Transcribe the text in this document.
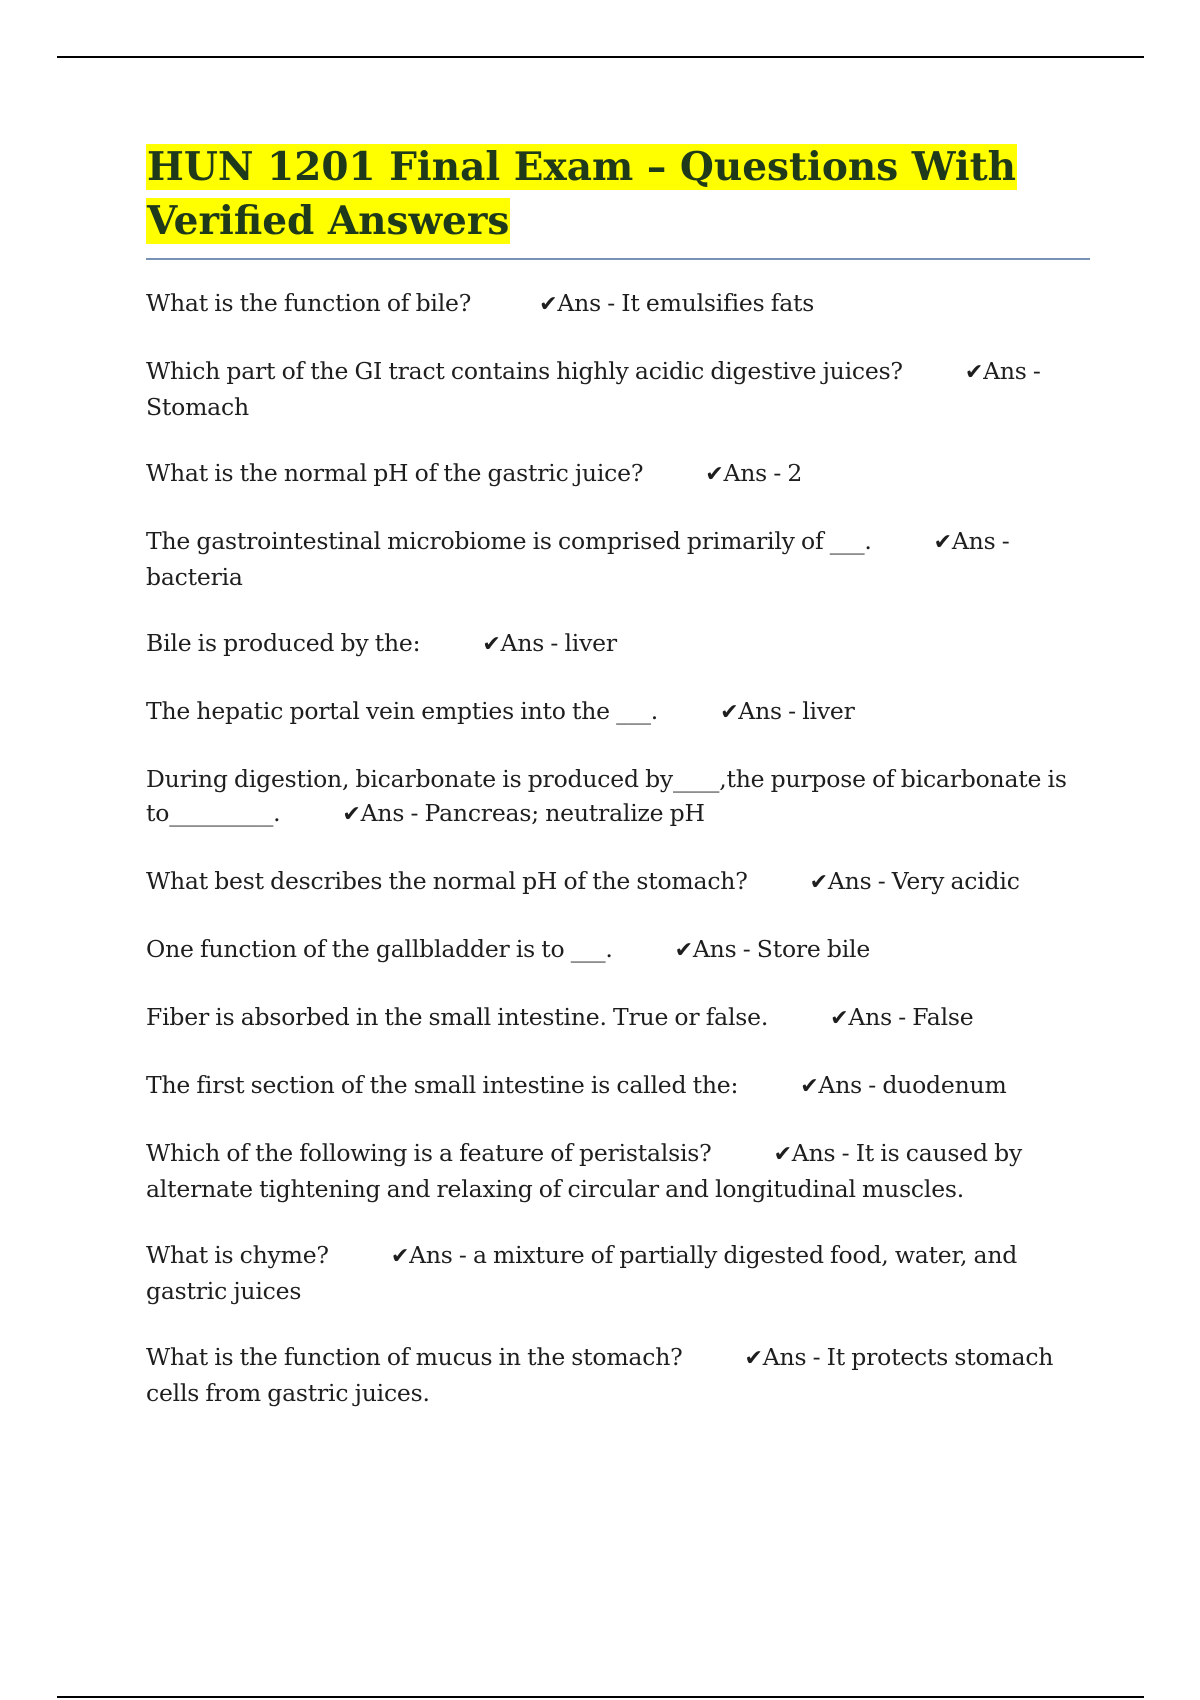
HUN 1201 Final Exam – Questions With Verified Answers

What is the function of bile?	✔Ans - It emulsifies fats

Which part of the GI tract contains highly acidic digestive juices?	✔Ans - Stomach

What is the normal pH of the gastric juice?	✔Ans - 2

The gastrointestinal microbiome is comprised primarily of ___.	✔Ans - bacteria

Bile is produced by the:	✔Ans - liver

The hepatic portal vein empties into the ___.	✔Ans - liver

During digestion, bicarbonate is produced by____,the purpose of bicarbonate is to_________.	✔Ans - Pancreas; neutralize pH

What best describes the normal pH of the stomach?	✔Ans - Very acidic

One function of the gallbladder is to ___.	✔Ans - Store bile

Fiber is absorbed in the small intestine. True or false.	✔Ans - False

The first section of the small intestine is called the:	✔Ans - duodenum

Which of the following is a feature of peristalsis?	✔Ans - It is caused by alternate tightening and relaxing of circular and longitudinal muscles.

What is chyme?	✔Ans - a mixture of partially digested food, water, and gastric juices

What is the function of mucus in the stomach?	✔Ans - It protects stomach cells from gastric juices.
